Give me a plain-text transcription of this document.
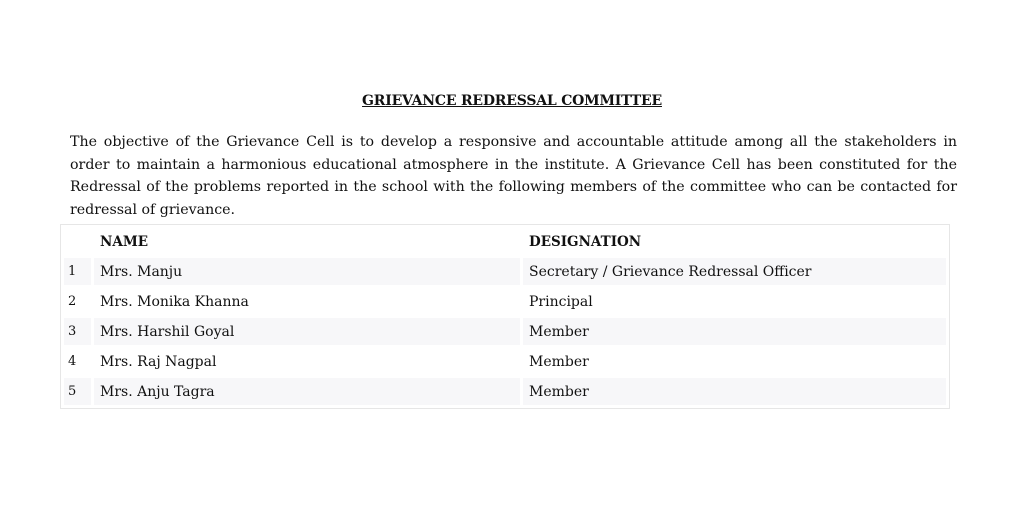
GRIEVANCE REDRESSAL COMMITTEE

The objective of the Grievance Cell is to develop a responsive and accountable attitude among all the stakeholders in order to maintain a harmonious educational atmosphere in the institute. A Grievance Cell has been constituted for the Redressal of the problems reported in the school with the following members of the committee who can be contacted for redressal of grievance.

	NAME	DESIGNATION
1	Mrs. Manju	Secretary / Grievance Redressal Officer
2	Mrs. Monika Khanna	Principal
3	Mrs. Harshil Goyal	Member
4	Mrs. Raj Nagpal	Member
5	Mrs. Anju Tagra	Member
